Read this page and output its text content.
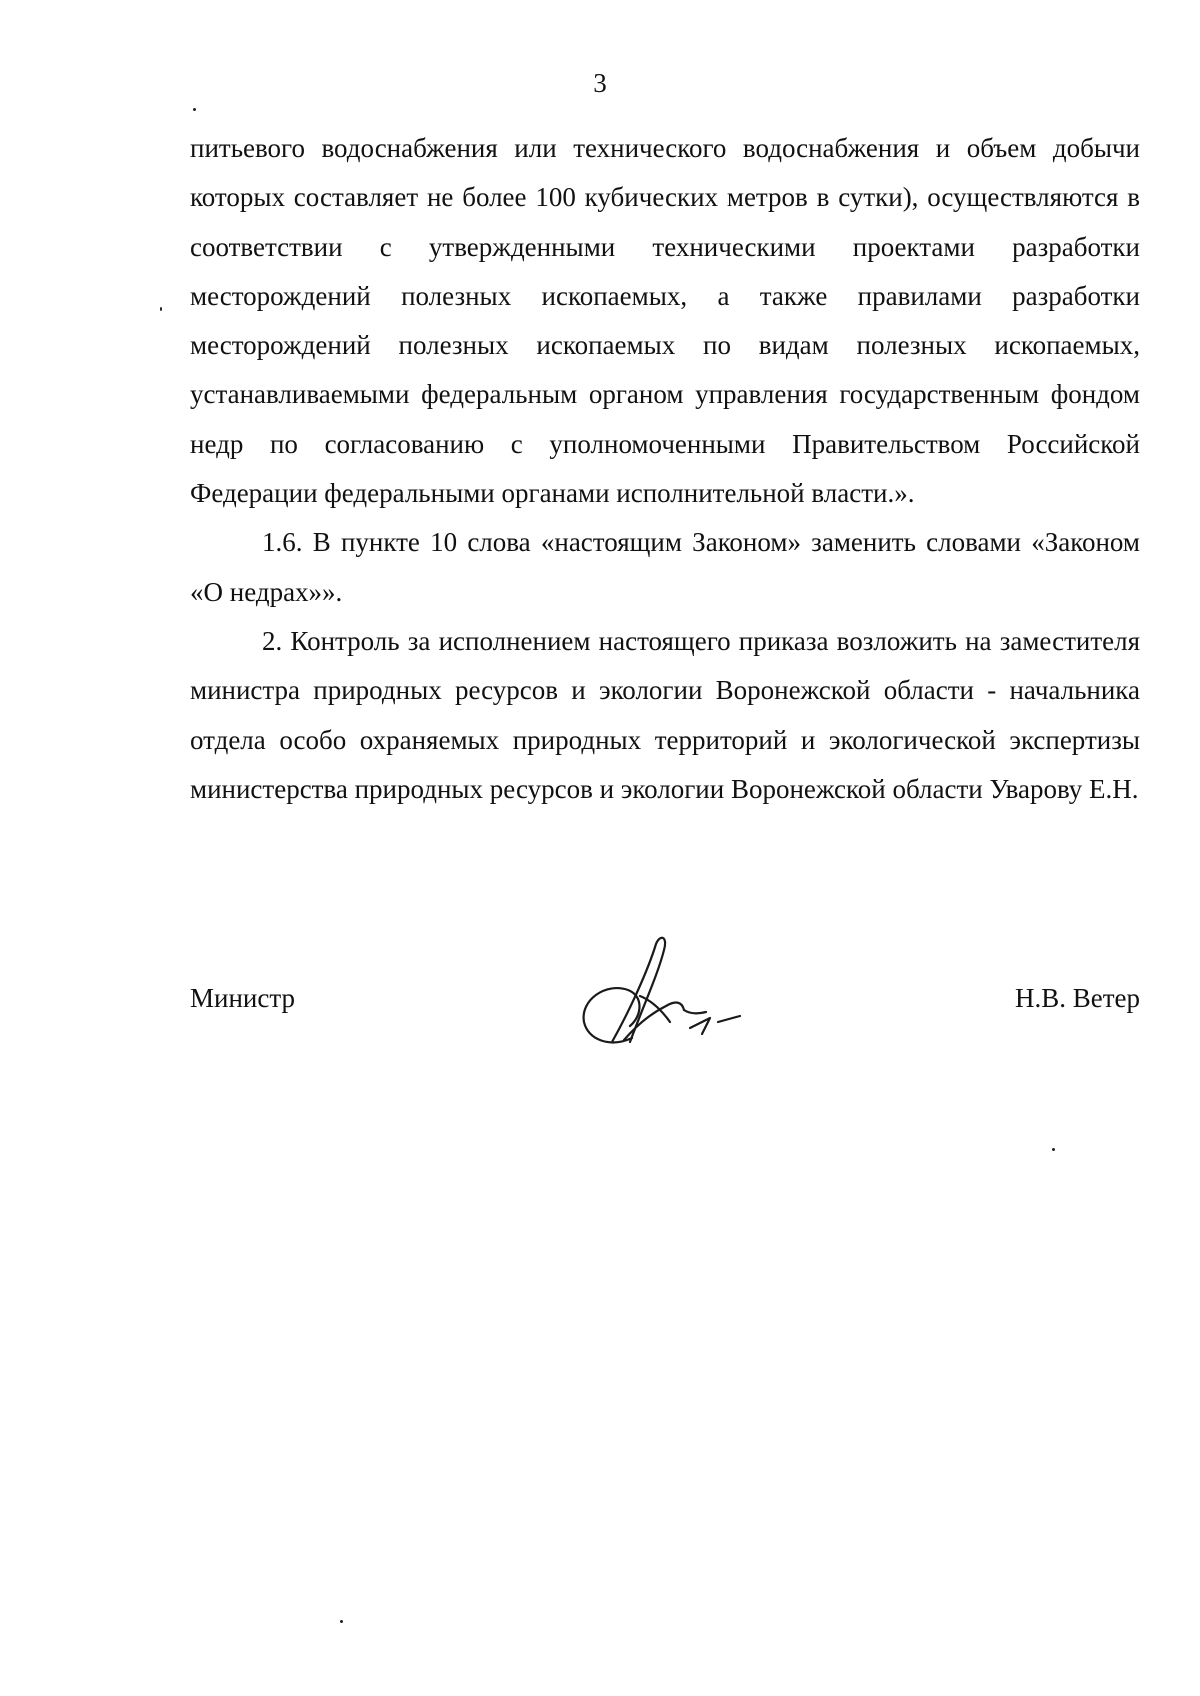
3

питьевого водоснабжения или технического водоснабжения и объем добычи которых составляет не более 100 кубических метров в сутки), осуществляются в соответствии с утвержденными техническими проектами разработки месторождений полезных ископаемых, а также правилами разработки месторождений полезных ископаемых по видам полезных ископаемых, устанавливаемыми федеральным органом управления государственным фондом недр по согласованию с уполномоченными Правительством Российской Федерации федеральными органами исполнительной власти.».

1.6. В пункте 10 слова «настоящим Законом» заменить словами «Законом «О недрах»».

2. Контроль за исполнением настоящего приказа возложить на заместителя министра природных ресурсов и экологии Воронежской области - начальника отдела особо охраняемых природных территорий и экологической экспертизы министерства природных ресурсов и экологии Воронежской области Уварову Е.Н.

Министр	Н.В. Ветер
